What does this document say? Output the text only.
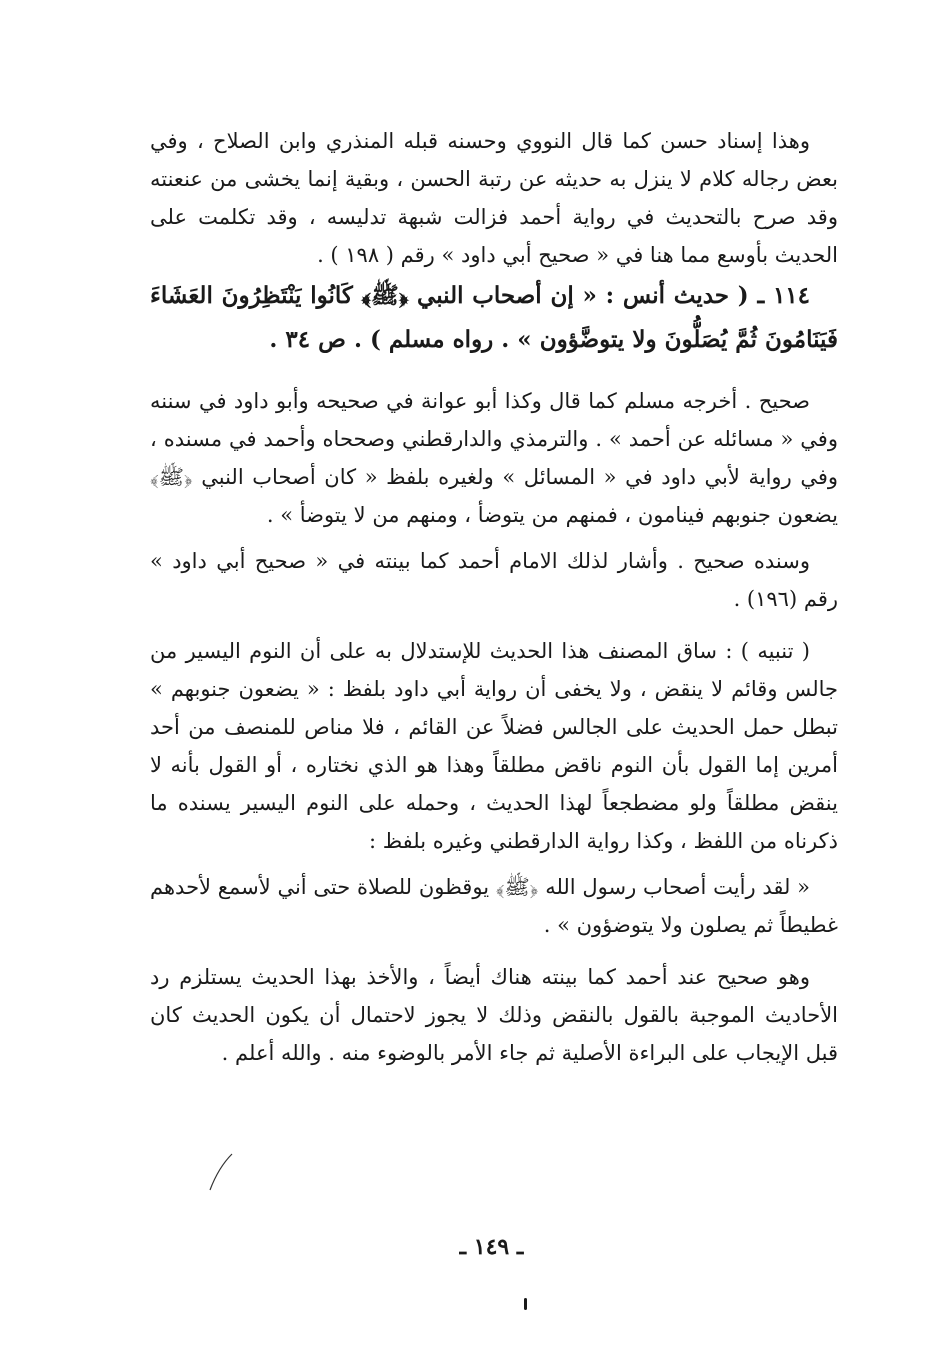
وهذا إسناد حسن كما قال النووي وحسنه قبله المنذري وابن الصلاح ، وفي بعض رجاله كلام لا ينزل به حديثه عن رتبة الحسن ، وبقية إنما يخشى من عنعنته وقد صرح بالتحديث في رواية أحمد فزالت شبهة تدليسه ، وقد تكلمت على الحديث بأوسع مما هنا في « صحيح أبي داود » رقم ( ١٩٨ ) .

١١٤ ـ ( حديث أنس : « إن أصحاب النبي ﴿ﷺ﴾ كَانُوا يَنْتَظِرُونَ العَشَاءَ فَيَنَامُونَ ثُمَّ يُصَلُّونَ ولا يتوضَّؤون » . رواه مسلم ) . ص ٣٤ .

صحيح . أخرجه مسلم كما قال وكذا أبو عوانة في صحيحه وأبو داود في سننه وفي « مسائله عن أحمد » . والترمذي والدارقطني وصححاه وأحمد في مسنده ، وفي رواية لأبي داود في « المسائل » ولغيره بلفظ « كان أصحاب النبي ﴿ﷺ﴾ يضعون جنوبهم فينامون ، فمنهم من يتوضأ ، ومنهم من لا يتوضأ » .

وسنده صحيح . وأشار لذلك الامام أحمد كما بينته في « صحيح أبي داود » رقم (١٩٦) .

( تنبيه ) : ساق المصنف هذا الحديث للإستدلال به على أن النوم اليسير من جالس وقائم لا ينقض ، ولا يخفى أن رواية أبي داود بلفظ : « يضعون جنوبهم » تبطل حمل الحديث على الجالس فضلاً عن القائم ، فلا مناص للمنصف من أحد أمرين إما القول بأن النوم ناقض مطلقاً وهذا هو الذي نختاره ، أو القول بأنه لا ينقض مطلقاً ولو مضطجعاً لهذا الحديث ، وحمله على النوم اليسير يسنده ما ذكرناه من اللفظ ، وكذا رواية الدارقطني وغيره بلفظ :

« لقد رأيت أصحاب رسول الله ﴿ﷺ﴾ يوقظون للصلاة حتى أني لأسمع لأحدهم غطيطاً ثم يصلون ولا يتوضؤون » .

وهو صحيح عند أحمد كما بينته هناك أيضاً ، والأخذ بهذا الحديث يستلزم رد الأحاديث الموجبة بالقول بالنقض وذلك لا يجوز لاحتمال أن يكون الحديث كان قبل الإيجاب على البراءة الأصلية ثم جاء الأمر بالوضوء منه . والله أعلم .

ـ ١٤٩ ـ
